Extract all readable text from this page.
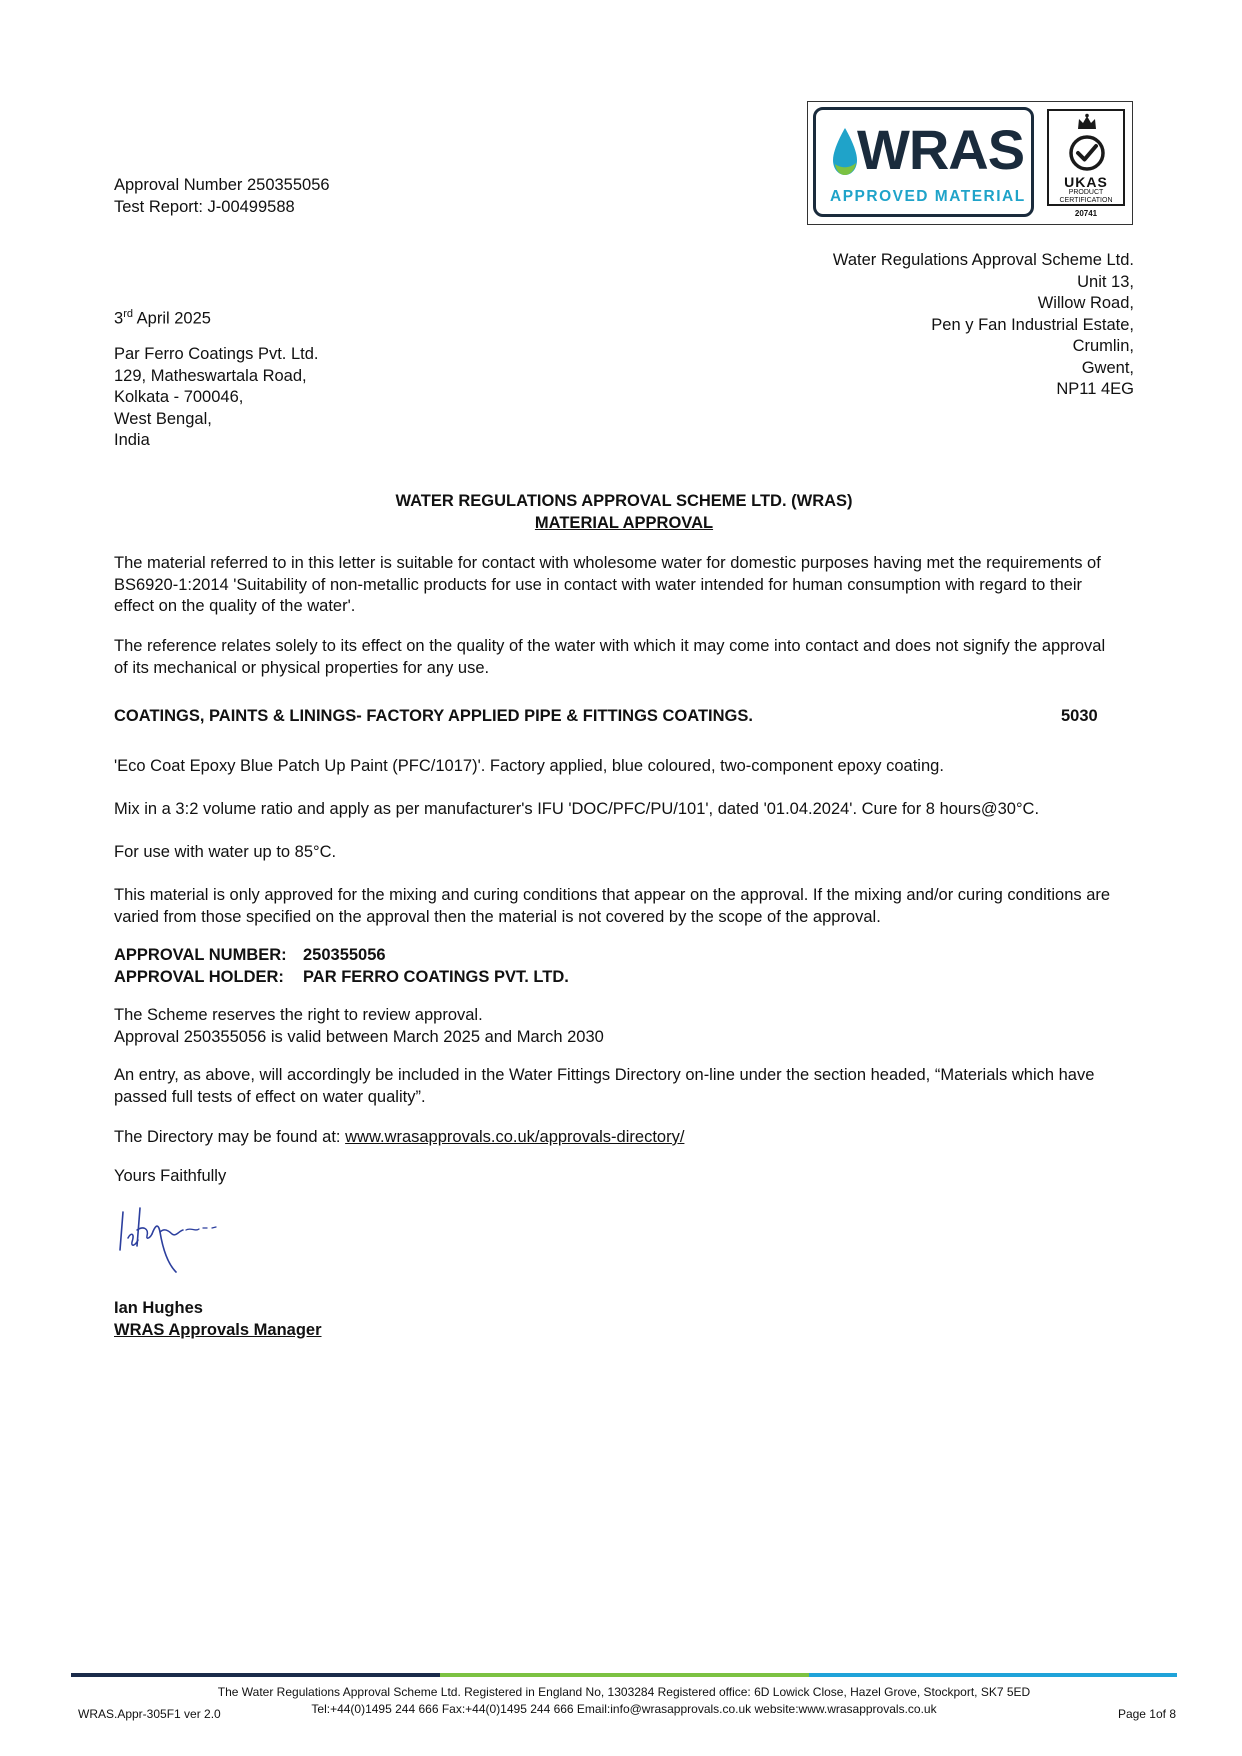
Approval Number 250355056
Test Report: J-00499588
WRAS
APPROVED MATERIAL
UKAS
PRODUCT
CERTIFICATION
20741
Water Regulations Approval Scheme Ltd.
Unit 13,
Willow Road,
Pen y Fan Industrial Estate,
Crumlin,
Gwent,
NP11 4EG
3rd April 2025
Par Ferro Coatings Pvt. Ltd.
129, Matheswartala Road,
Kolkata - 700046,
West Bengal,
India
WATER REGULATIONS APPROVAL SCHEME LTD. (WRAS)
MATERIAL APPROVAL
The material referred to in this letter is suitable for contact with wholesome water for domestic purposes having met the requirements of
BS6920-1:2014 'Suitability of non-metallic products for use in contact with water intended for human consumption with regard to their
effect on the quality of the water'.
The reference relates solely to its effect on the quality of the water with which it may come into contact and does not signify the approval
of its mechanical or physical properties for any use.
COATINGS, PAINTS & LININGS- FACTORY APPLIED PIPE & FITTINGS COATINGS.	5030
'Eco Coat Epoxy Blue Patch Up Paint (PFC/1017)'. Factory applied, blue coloured, two-component epoxy coating.
Mix in a 3:2 volume ratio and apply as per manufacturer's IFU 'DOC/PFC/PU/101', dated '01.04.2024'. Cure for 8 hours@30°C.
For use with water up to 85°C.
This material is only approved for the mixing and curing conditions that appear on the approval. If the mixing and/or curing conditions are
varied from those specified on the approval then the material is not covered by the scope of the approval.
APPROVAL NUMBER: 250355056
APPROVAL HOLDER: PAR FERRO COATINGS PVT. LTD.
The Scheme reserves the right to review approval.
Approval 250355056 is valid between March 2025 and March 2030
An entry, as above, will accordingly be included in the Water Fittings Directory on-line under the section headed, “Materials which have
passed full tests of effect on water quality”.
The Directory may be found at: www.wrasapprovals.co.uk/approvals-directory/
Yours Faithfully
Ian Hughes
WRAS Approvals Manager
The Water Regulations Approval Scheme Ltd. Registered in England No, 1303284 Registered office: 6D Lowick Close, Hazel Grove, Stockport, SK7 5ED
Tel:+44(0)1495 244 666 Fax:+44(0)1495 244 666 Email:info@wrasapprovals.co.uk website:www.wrasapprovals.co.uk
WRAS.Appr-305F1 ver 2.0	Page 1of 8
